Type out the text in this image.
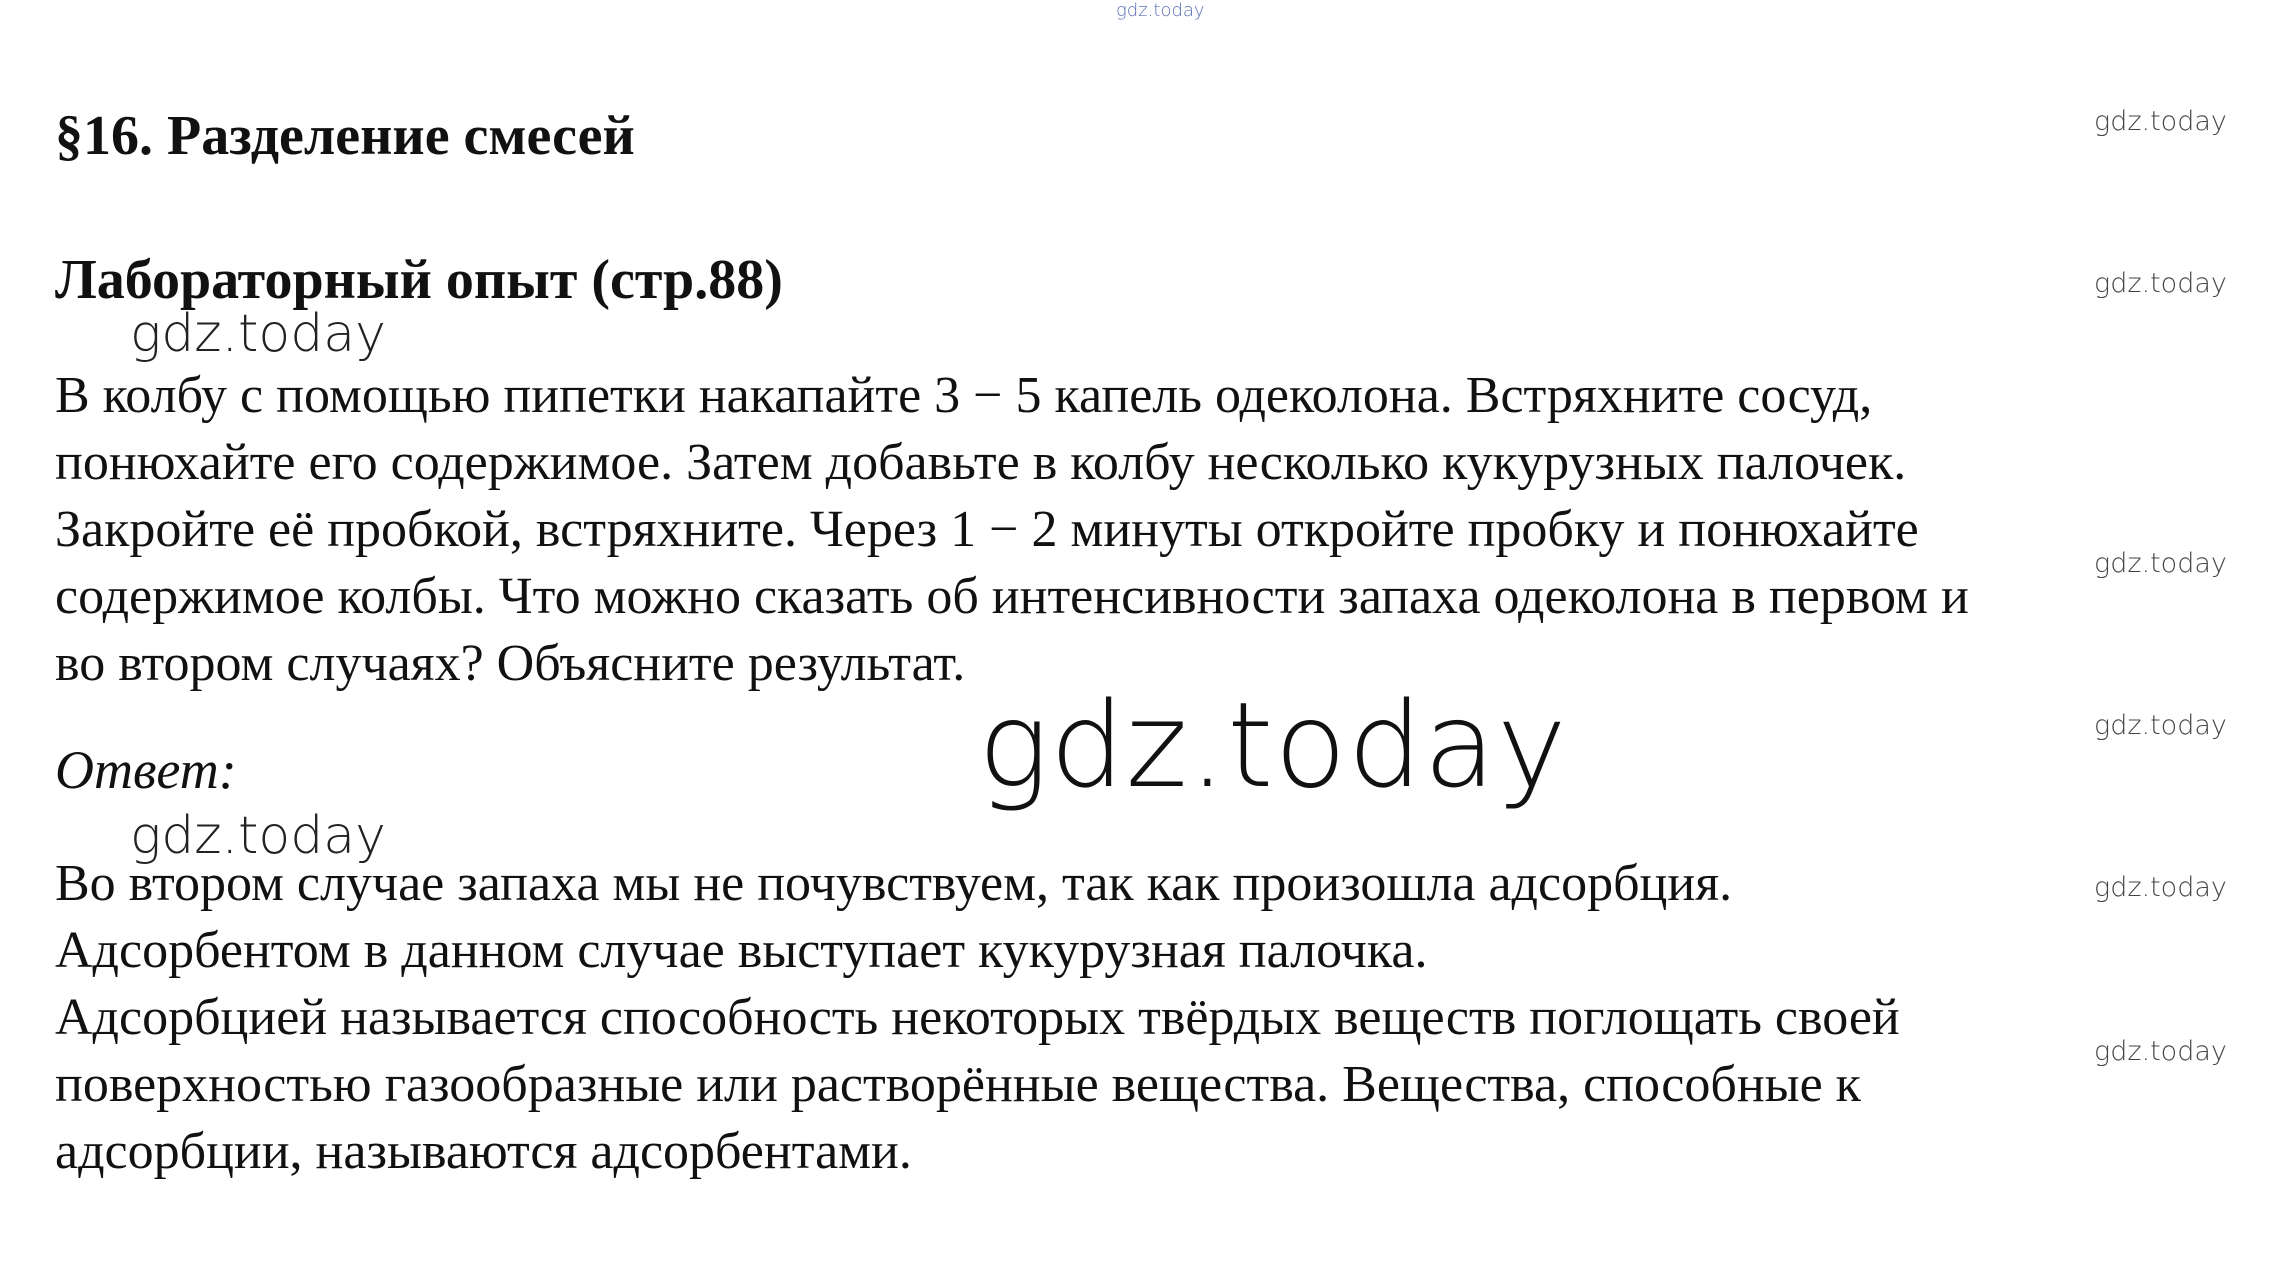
gdz.today
gdz.today
gdz.today
gdz.today
gdz.today
gdz.today
gdz.today
gdz.today
gdz.today
gdz.today
§16. Разделение смесей
Лабораторный опыт (стр.88)

В колбу с помощью пипетки накапайте 3 − 5 капель одеколона. Встряхните сосуд,
понюхайте его содержимое. Затем добавьте в колбу несколько кукурузных палочек.
Закройте её пробкой, встряхните. Через 1 − 2 минуты откройте пробку и понюхайте
содержимое колбы. Что можно сказать об интенсивности запаха одеколона в первом и
во втором случаях? Объясните результат.

Ответ:

Во втором случае запаха мы не почувствуем, так как произошла адсорбция.
Адсорбентом в данном случае выступает кукурузная палочка.
Адсорбцией называется способность некоторых твёрдых веществ поглощать своей
поверхностью газообразные или растворённые вещества. Вещества, способные к
адсорбции, называются адсорбентами.
